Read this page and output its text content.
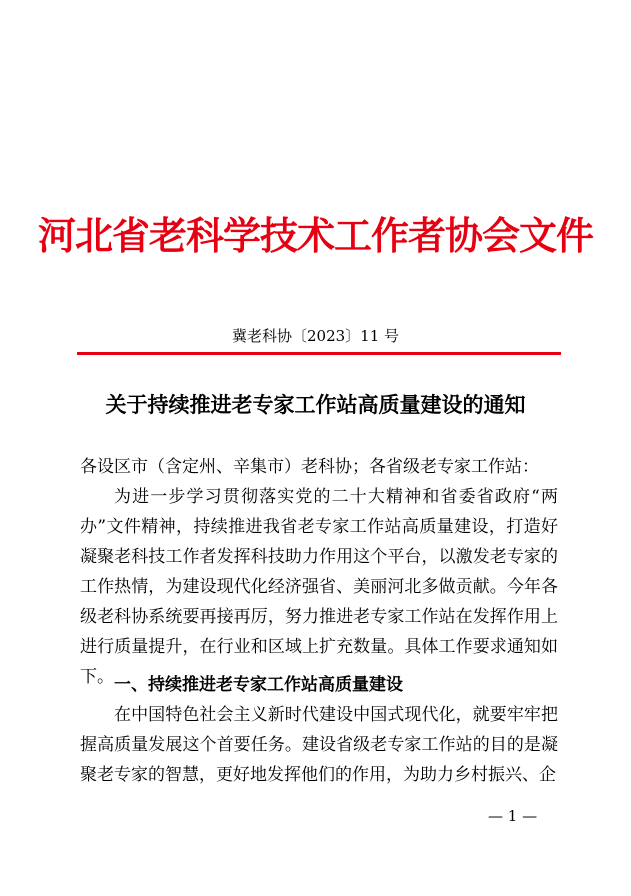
河北省老科学技术工作者协会文件
冀老科协〔2023〕11 号
关于持续推进老专家工作站高质量建设的通知

各设区市（含定州、辛集市）老科协；各省级老专家工作站：

为进一步学习贯彻落实党的二十大精神和省委省政府“两办”文件精神，持续推进我省老专家工作站高质量建设，打造好凝聚老科技工作者发挥科技助力作用这个平台，以激发老专家的工作热情，为建设现代化经济强省、美丽河北多做贡献。今年各级老科协系统要再接再厉，努力推进老专家工作站在发挥作用上进行质量提升，在行业和区域上扩充数量。具体工作要求通知如下。 一、持续推进老专家工作站高质量建设

在中国特色社会主义新时代建设中国式现代化，就要牢牢把握高质量发展这个首要任务。建设省级老专家工作站的目的是凝聚老专家的智慧，更好地发挥他们的作用，为助力乡村振兴、企

— 1 —
